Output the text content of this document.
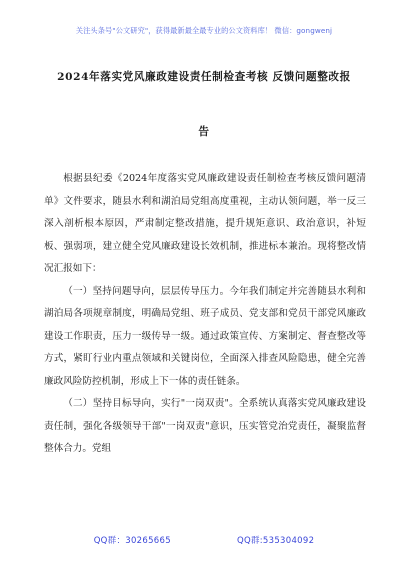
关注头条号"公文研究"，获得最新最全最专业的公文资料库！ 微信：gongwenj
2024年落实党风廉政建设责任制检查考核 反馈问题整改报
告

根据县纪委《2024年度落实党风廉政建设责任制检查考核反馈问题清单》文件要求，随县水利和湖泊局党组高度重视，主动认领问题，举一反三深入剖析根本原因，严肃制定整改措施，提升规矩意识、政治意识，补短板、强弱项，建立健全党风廉政建设长效机制，推进标本兼治。现将整改情况汇报如下：

（一）坚持问题导向，层层传导压力。今年我们制定并完善随县水利和湖泊局各项规章制度，明确局党组、班子成员、党支部和党员干部党风廉政建设工作职责，压力一级传导一级。通过政策宣传、方案制定、督查整改等方式，紧盯行业内重点领域和关键岗位，全面深入排查风险隐患，健全完善廉政风险防控机制，形成上下一体的责任链条。

（二）坚持目标导向，实行"一岗双责"。全系统认真落实党风廉政建设责任制，强化各级领导干部"一岗双责"意识，压实管党治党责任，凝聚监督整体合力。党组

QQ群：30265665	QQ群:535304092
